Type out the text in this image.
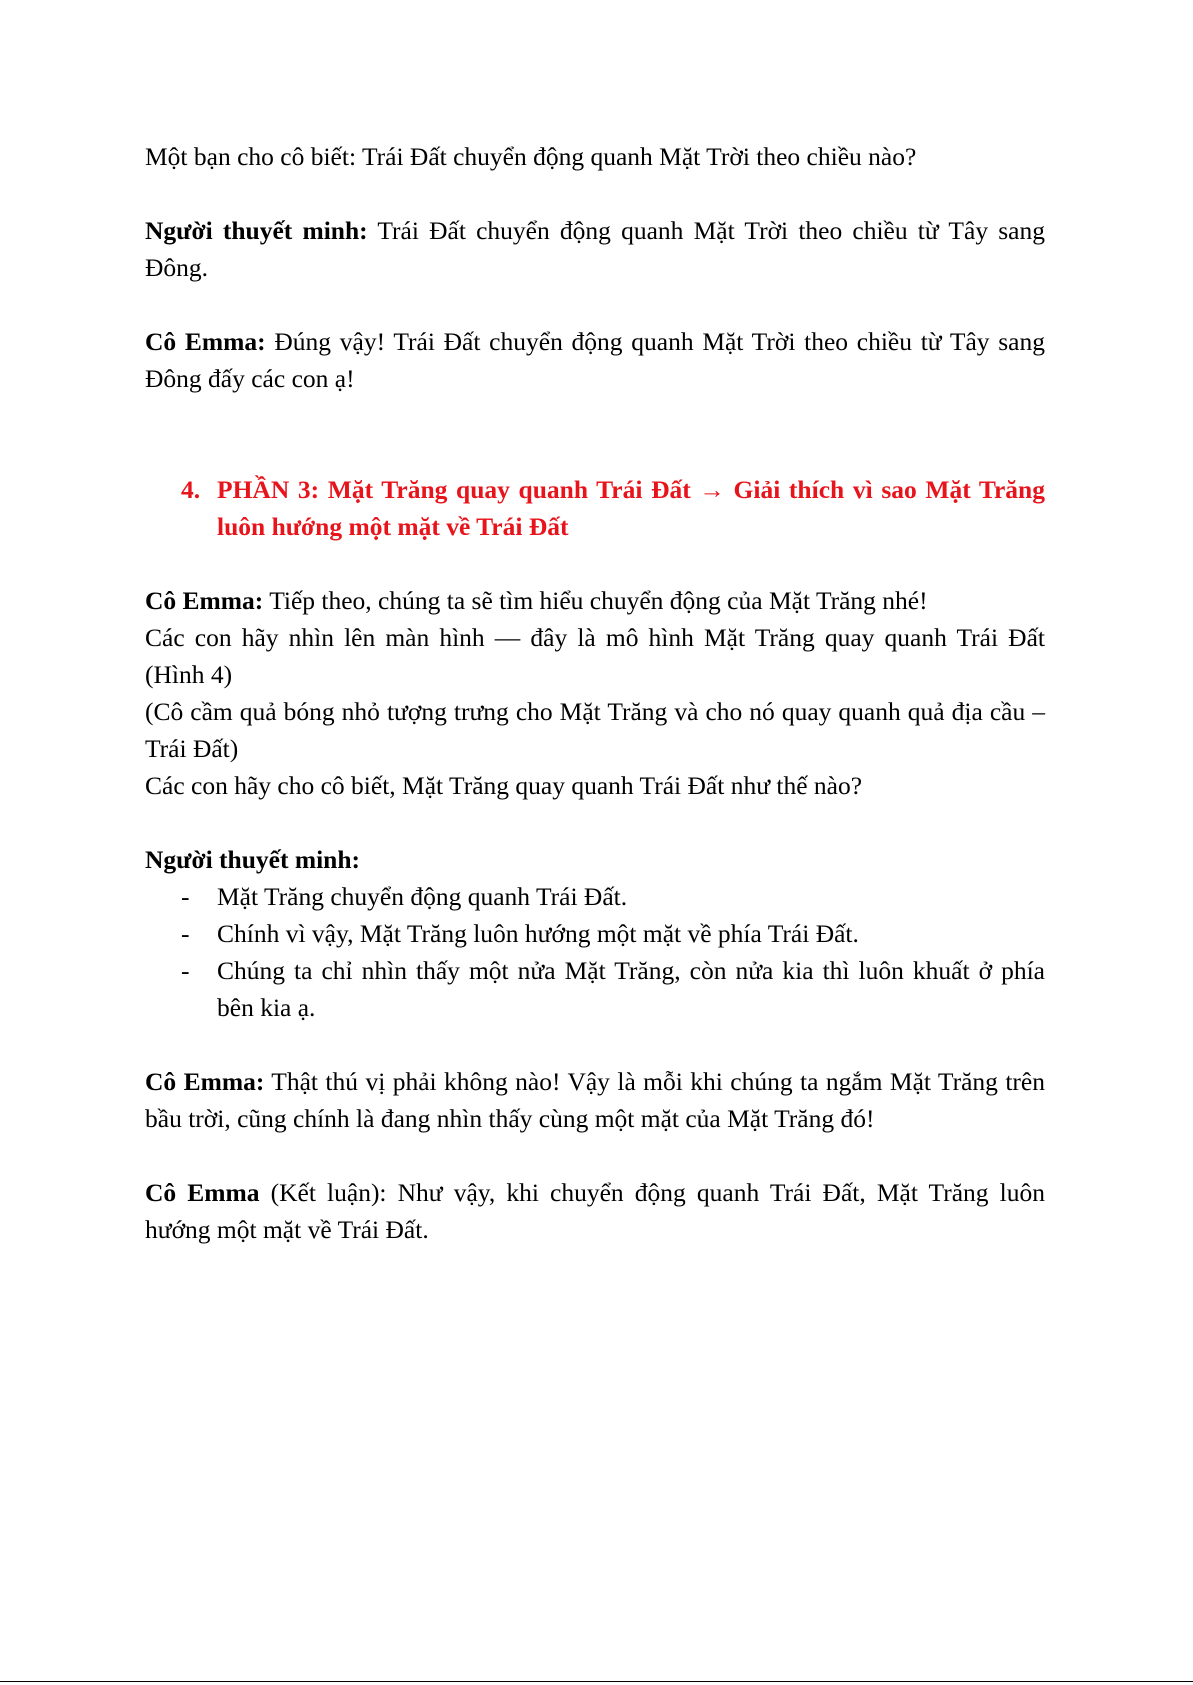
Một bạn cho cô biết: Trái Đất chuyển động quanh Mặt Trời theo chiều nào?

Người thuyết minh: Trái Đất chuyển động quanh Mặt Trời theo chiều từ Tây sang Đông.

Cô Emma: Đúng vậy! Trái Đất chuyển động quanh Mặt Trời theo chiều từ Tây sang Đông đấy các con ạ!

4. PHẦN 3: Mặt Trăng quay quanh Trái Đất → Giải thích vì sao Mặt Trăng luôn hướng một mặt về Trái Đất

Cô Emma: Tiếp theo, chúng ta sẽ tìm hiểu chuyển động của Mặt Trăng nhé!

Các con hãy nhìn lên màn hình — đây là mô hình Mặt Trăng quay quanh Trái Đất (Hình 4)

(Cô cầm quả bóng nhỏ tượng trưng cho Mặt Trăng và cho nó quay quanh quả địa cầu – Trái Đất)

Các con hãy cho cô biết, Mặt Trăng quay quanh Trái Đất như thế nào?

Người thuyết minh:

-	Mặt Trăng chuyển động quanh Trái Đất.
-	Chính vì vậy, Mặt Trăng luôn hướng một mặt về phía Trái Đất.
-	Chúng ta chỉ nhìn thấy một nửa Mặt Trăng, còn nửa kia thì luôn khuất ở phía bên kia ạ.

Cô Emma: Thật thú vị phải không nào! Vậy là mỗi khi chúng ta ngắm Mặt Trăng trên bầu trời, cũng chính là đang nhìn thấy cùng một mặt của Mặt Trăng đó!

Cô Emma (Kết luận): Như vậy, khi chuyển động quanh Trái Đất, Mặt Trăng luôn hướng một mặt về Trái Đất.
